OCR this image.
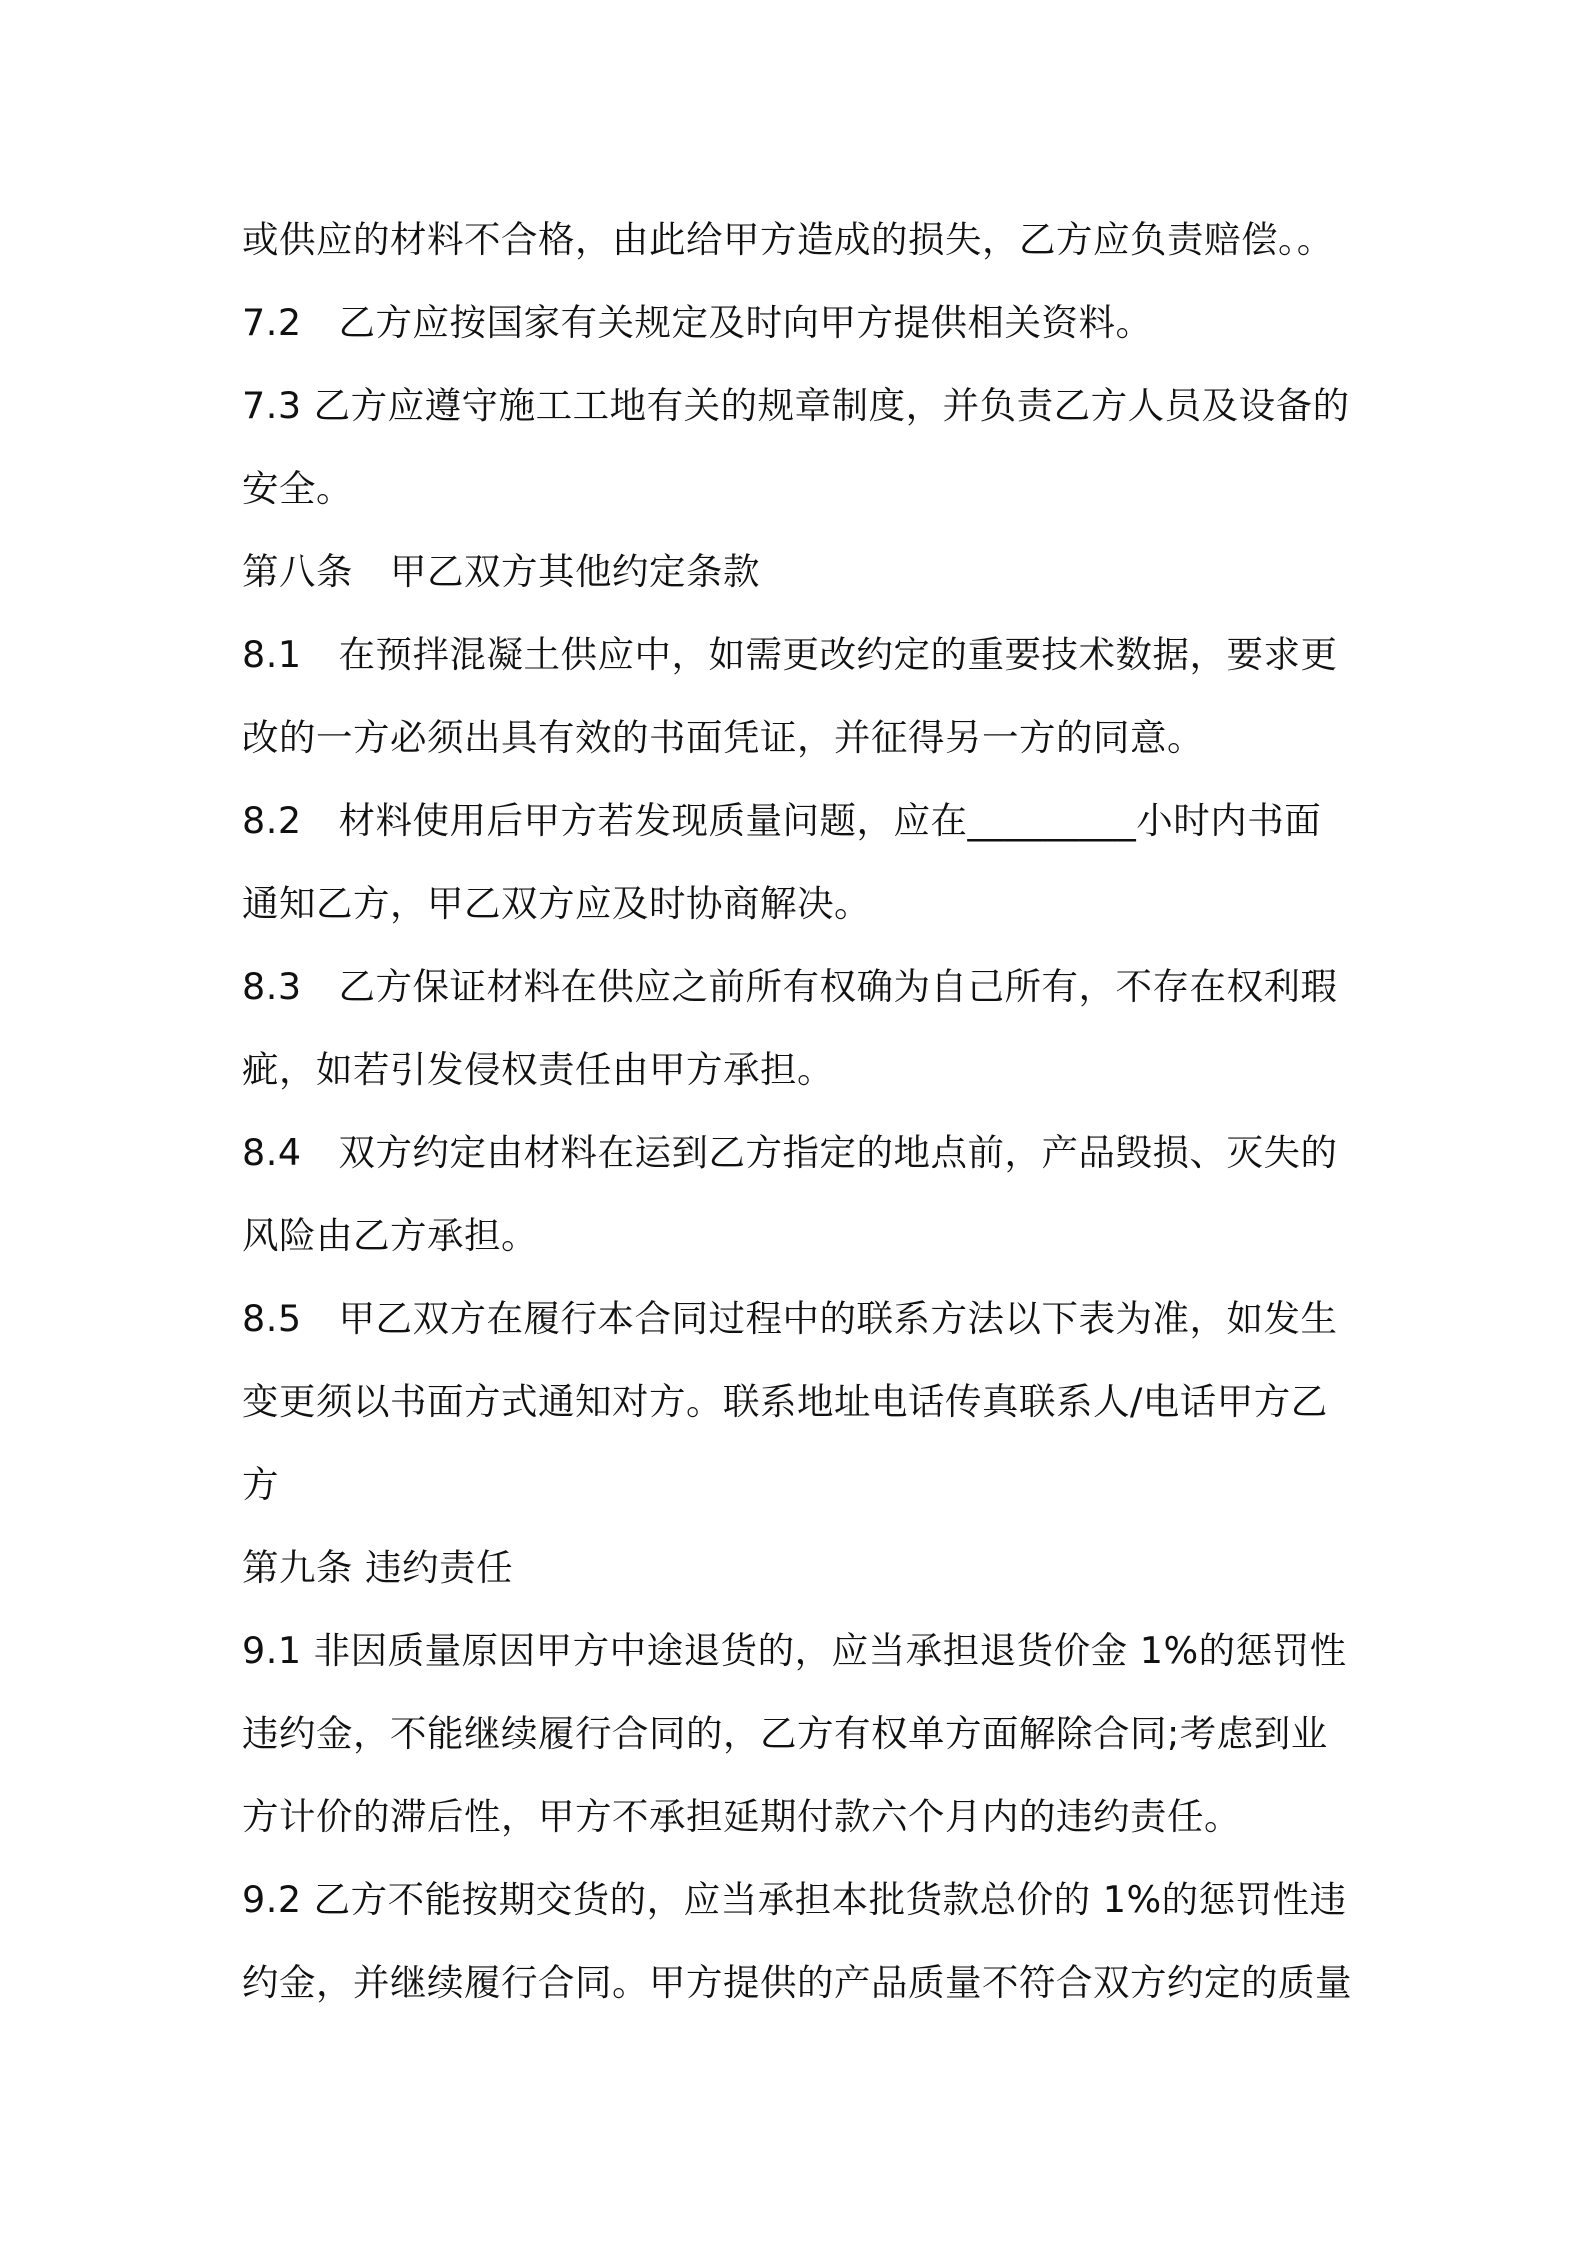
或供应的材料不合格，由此给甲方造成的损失，乙方应负责赔偿。。
7.2　乙方应按国家有关规定及时向甲方提供相关资料。
7.3 乙方应遵守施工工地有关的规章制度，并负责乙方人员及设备的
安全。
第八条　甲乙双方其他约定条款
8.1　在预拌混凝土供应中，如需更改约定的重要技术数据，要求更
改的一方必须出具有效的书面凭证，并征得另一方的同意。
8.2　材料使用后甲方若发现质量问题，应在_________小时内书面
通知乙方，甲乙双方应及时协商解决。
8.3　乙方保证材料在供应之前所有权确为自己所有，不存在权利瑕
疵，如若引发侵权责任由甲方承担。
8.4　双方约定由材料在运到乙方指定的地点前，产品毁损、灭失的
风险由乙方承担。
8.5　甲乙双方在履行本合同过程中的联系方法以下表为准，如发生
变更须以书面方式通知对方。联系地址电话传真联系人/电话甲方乙
方
第九条 违约责任
9.1 非因质量原因甲方中途退货的，应当承担退货价金 1%的惩罚性
违约金，不能继续履行合同的，乙方有权单方面解除合同;考虑到业
方计价的滞后性，甲方不承担延期付款六个月内的违约责任。
9.2 乙方不能按期交货的，应当承担本批货款总价的 1%的惩罚性违
约金，并继续履行合同。甲方提供的产品质量不符合双方约定的质量
